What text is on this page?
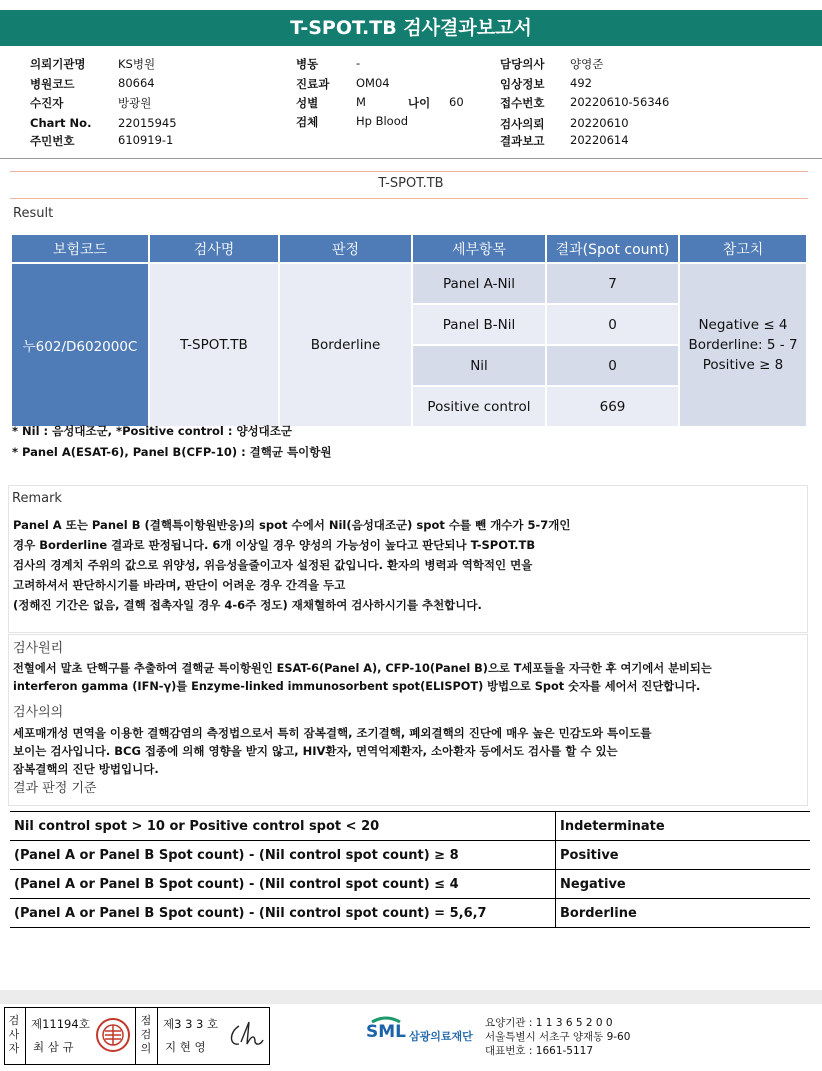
T-SPOT.TB 검사결과보고서
의뢰기관명	KS병원
병원코드	80664
수진자	방광원
Chart No. 22015945
주민번호	610919-1
병동	-
진료과 OM04
성별	M	나이 60
검체	Hp Blood
담당의사 양영준
임상정보 492
접수번호 20220610-56346
검사의뢰 20220610
결과보고 20220614
T-SPOT.TB
Result
보험코드	검사명	판정	세부항목	결과(Spot count)	참고치
누602/D602000C	T-SPOT.TB	Borderline	Panel A-Nil	7	Negative ≤ 4
Borderline: 5 - 7
Positive ≥ 8

			Panel B-Nil	0	
			Nil	0	
			Positive control	669	
* Nil : 음성대조군, *Positive control : 양성대조군
* Panel A(ESAT-6), Panel B(CFP-10) : 결핵균 특이항원
Remark
Panel A 또는 Panel B (결핵특이항원반응)의 spot 수에서 Nil(음성대조군) spot 수를 뺀 개수가 5-7개인
경우 Borderline 결과로 판정됩니다. 6개 이상일 경우 양성의 가능성이 높다고 판단되나 T-SPOT.TB
검사의 경계치 주위의 값으로 위양성, 위음성을줄이고자 설정된 값입니다. 환자의 병력과 역학적인 면을
고려하셔서 판단하시기를 바라며, 판단이 어려운 경우 간격을 두고
(정해진 기간은 없음, 결핵 접촉자일 경우 4-6주 정도) 재채혈하여 검사하시기를 추천합니다.
검사원리
전혈에서 말초 단핵구를 추출하여 결핵균 특이항원인 ESAT-6(Panel A), CFP-10(Panel B)으로 T세포들을 자극한 후 여기에서 분비되는
interferon gamma (IFN-γ)를 Enzyme-linked immunosorbent spot(ELISPOT) 방법으로 Spot 숫자를 세어서 진단합니다.
검사의의
세포매개성 면역을 이용한 결핵감염의 측정법으로서 특히 잠복결핵, 조기결핵, 폐외결핵의 진단에 매우 높은 민감도와 특이도를
보이는 검사입니다. BCG 접종에 의해 영향을 받지 않고, HIV환자, 면역억제환자, 소아환자 등에서도 검사를 할 수 있는
잠복결핵의 진단 방법입니다.
결과 판정 기준
Nil control spot > 10 or Positive control spot < 20	Indeterminate
(Panel A or Panel B Spot count) - (Nil control spot count) ≥ 8	Positive
(Panel A or Panel B Spot count) - (Nil control spot count) ≤ 4	Negative
(Panel A or Panel B Spot count) - (Nil control spot count) = 5,6,7	Borderline
검사자
제11194호
최 삼 규
점검의
제3 3 3 호
지 현 영
SML 삼광의료재단
요양기관 : 1 1 3 6 5 2 0 0
서울특별시 서초구 양재동 9-60
대표번호 : 1661-5117
